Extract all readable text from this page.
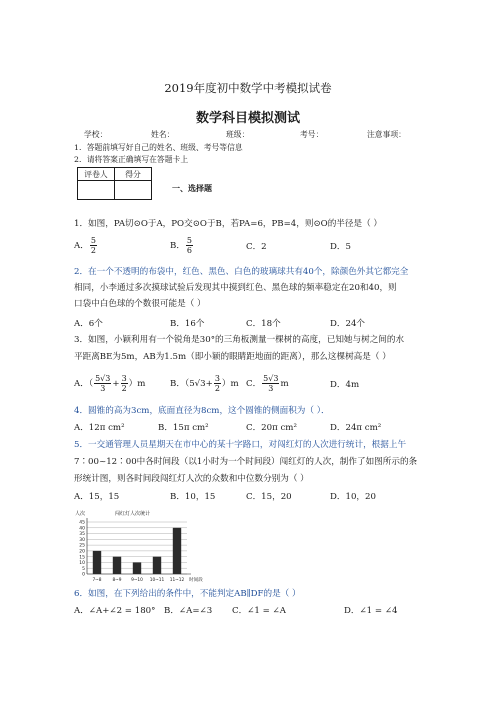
2019年度初中数学中考模拟试卷
数学科目模拟测试
学校：	姓名：	班级：	考号：	注意事项：
1．答题前填写好自己的姓名、班级、考号等信息
2．请将答案正确填写在答题卡上
评卷人	得分

一、选择题
1．如图，PA切⊙O于A，PO交⊙O于B，若PA=6，PB=4，则⊙O的半径是（ ）
A． $\frac{5}{2}$	B． $\frac{5}{6}$	C．2	D．5
2．在一个不透明的布袋中，红色、黑色、白色的玻璃球共有40个，除颜色外其它都完全
相同，小李通过多次摸球试验后发现其中摸到红色、黑色球的频率稳定在20和40，则
口袋中白色球的个数很可能是（ ）
A．6个	B．16个	C．18个	D．24个
3．如图，小颖利用有一个锐角是30°的三角板测量一棵树的高度，已知她与树之间的水
平距离BE为5m，AB为1.5m（即小颖的眼睛距地面的距离），那么这棵树高是（ ）
A．（ $\frac{5√3}{3} + \frac{3}{2} )m$	B．$(5√3+ \frac{3}{2} )m$ C． $\frac{5√3}{3}$ m	D．4m
4．圆锥的高为3cm，底面直径为8cm，这个圆锥的侧面积为（ ）．
A．12π cm²	B．15π cm²	C．20π cm²	D．24π cm²
5．一交通管理人员星期天在市中心的某十字路口，对闯红灯的人次进行统计，根据上午
7∶00~12∶00中各时间段（以1小时为一个时间段）闯红灯的人次，制作了如图所示的条
形统计图，则各时间段闯红灯人次的众数和中位数分别为（ ）
A．15，15	B．10，15	C．15，20	D．10，20
0
5
10
15
20
25
30
35
40
45
7~8	8~9 9~10 10~11 11~12
人次	闯红灯人次统计
时间段
6．如图，在下列给出的条件中，不能判定AB∥DF的是（ ）
A．∠A+∠2 = 180° B．∠A=∠3 C．∠1 = ∠A	D．∠1 = ∠4
